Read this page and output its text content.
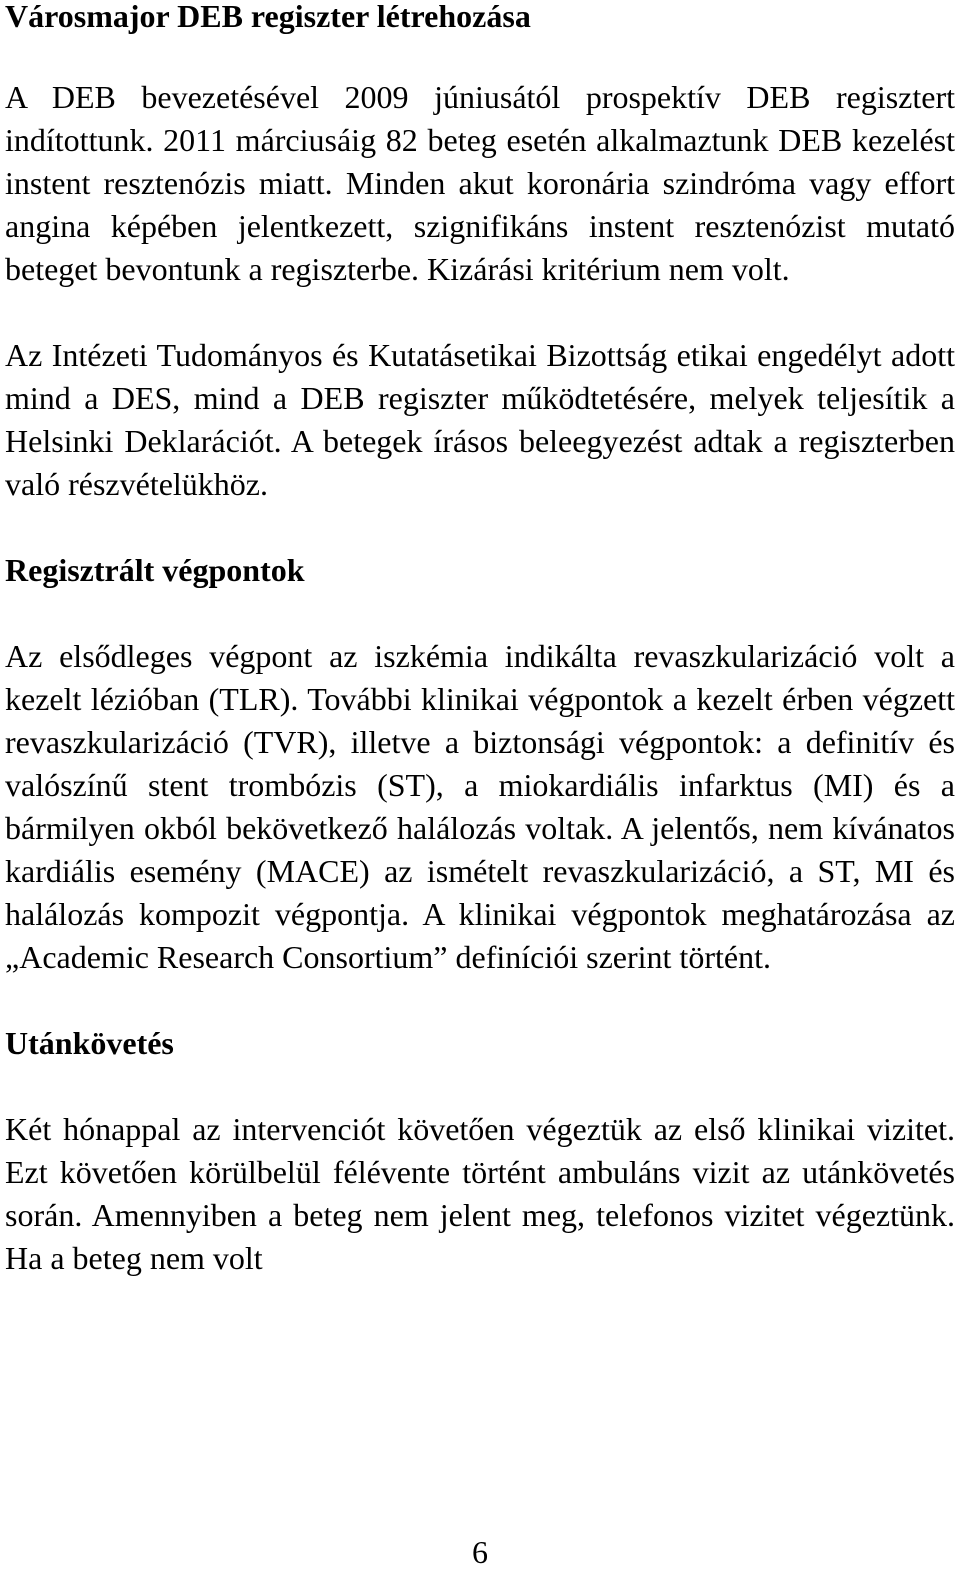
Városmajor DEB regiszter létrehozása

A DEB bevezetésével 2009 júniusától prospektív DEB regisztert indítottunk. 2011 márciusáig 82 beteg esetén alkalmaztunk DEB kezelést instent resztenózis miatt. Minden akut koronária szindróma vagy effort angina képében jelentkezett, szignifikáns instent resztenózist mutató beteget bevontunk a regiszterbe. Kizárási kritérium nem volt.

Az Intézeti Tudományos és Kutatásetikai Bizottság etikai engedélyt adott mind a DES, mind a DEB regiszter működtetésére, melyek teljesítik a Helsinki Deklarációt. A betegek írásos beleegyezést adtak a regiszterben való részvételükhöz.

Regisztrált végpontok

Az elsődleges végpont az iszkémia indikálta revaszkularizáció volt a kezelt lézióban (TLR). További klinikai végpontok a kezelt érben végzett revaszkularizáció (TVR), illetve a biztonsági végpontok: a definitív és valószínű stent trombózis (ST), a miokardiális infarktus (MI) és a bármilyen okból bekövetkező halálozás voltak. A jelentős, nem kívánatos kardiális esemény (MACE) az ismételt revaszkularizáció, a ST, MI és halálozás kompozit végpontja. A klinikai végpontok meghatározása az „Academic Research Consortium” definíciói szerint történt.

Utánkövetés

Két hónappal az intervenciót követően végeztük az első klinikai vizitet. Ezt követően körülbelül félévente történt ambuláns vizit az utánkövetés során. Amennyiben a beteg nem jelent meg, telefonos vizitet végeztünk. Ha a beteg nem volt

6
